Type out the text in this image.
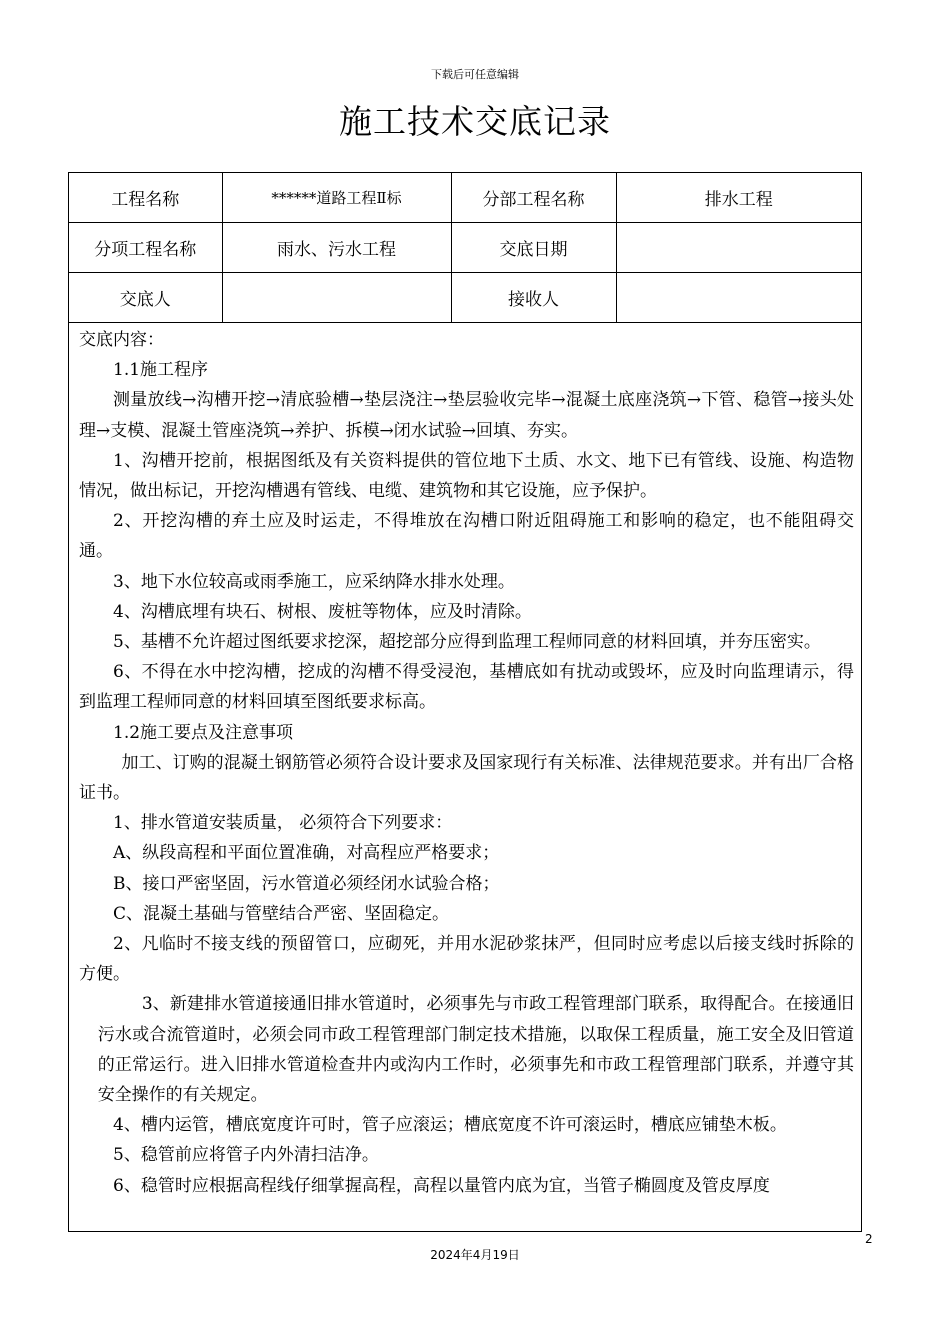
下载后可任意编辑
施工技术交底记录
工程名称	******道路工程Ⅱ标	分部工程名称	排水工程
分项工程名称	雨水、污水工程	交底日期	
交底人		接收人	

交底内容：

1.1施工程序

测量放线→沟槽开挖→清底验槽→垫层浇注→垫层验收完毕→混凝土底座浇筑→下管、稳管→接头处理→支模、混凝土管座浇筑→养护、拆模→闭水试验→回填、夯实。

1、沟槽开挖前，根据图纸及有关资料提供的管位地下土质、水文、地下已有管线、设施、构造物情况，做出标记，开挖沟槽遇有管线、电缆、建筑物和其它设施，应予保护。

2、开挖沟槽的弃土应及时运走，不得堆放在沟槽口附近阻碍施工和影响的稳定，也不能阻碍交通。

3、地下水位较高或雨季施工，应采纳降水排水处理。

4、沟槽底埋有块石、树根、废桩等物体，应及时清除。

5、基槽不允许超过图纸要求挖深，超挖部分应得到监理工程师同意的材料回填，并夯压密实。

6、不得在水中挖沟槽，挖成的沟槽不得受浸泡，基槽底如有扰动或毁坏，应及时向监理请示，得到监理工程师同意的材料回填至图纸要求标高。

1.2施工要点及注意事项

加工、订购的混凝土钢筋管必须符合设计要求及国家现行有关标准、法律规范要求。并有出厂合格证书。

1、排水管道安装质量， 必须符合下列要求：

A、纵段高程和平面位置准确，对高程应严格要求；

B、接口严密坚固，污水管道必须经闭水试验合格；

C、混凝土基础与管壁结合严密、坚固稳定。

2、凡临时不接支线的预留管口，应砌死，并用水泥砂浆抹严，但同时应考虑以后接支线时拆除的方便。

3、新建排水管道接通旧排水管道时，必须事先与市政工程管理部门联系，取得配合。在接通旧污水或合流管道时，必须会同市政工程管理部门制定技术措施，以取保工程质量，施工安全及旧管道的正常运行。进入旧排水管道检查井内或沟内工作时，必须事先和市政工程管理部门联系，并遵守其安全操作的有关规定。

4、槽内运管，槽底宽度许可时，管子应滚运；槽底宽度不许可滚运时，槽底应铺垫木板。

5、稳管前应将管子内外清扫洁净。

6、稳管时应根据高程线仔细掌握高程，高程以量管内底为宜，当管子椭圆度及管皮厚度

2
2024年4月19日
